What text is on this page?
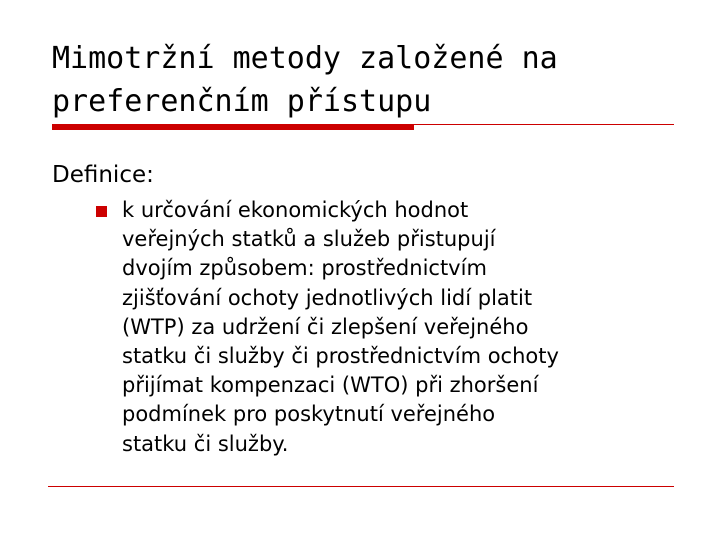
Mimotržní metody založené na
preferenčním přístupu
Definice:
k určování ekonomických hodnot
veřejných statků a služeb přistupují
dvojím způsobem: prostřednictvím
zjišťování ochoty jednotlivých lidí platit
(WTP) za udržení či zlepšení veřejného
statku či služby či prostřednictvím ochoty
přijímat kompenzaci (WTO) při zhoršení
podmínek pro poskytnutí veřejného
statku či služby.
